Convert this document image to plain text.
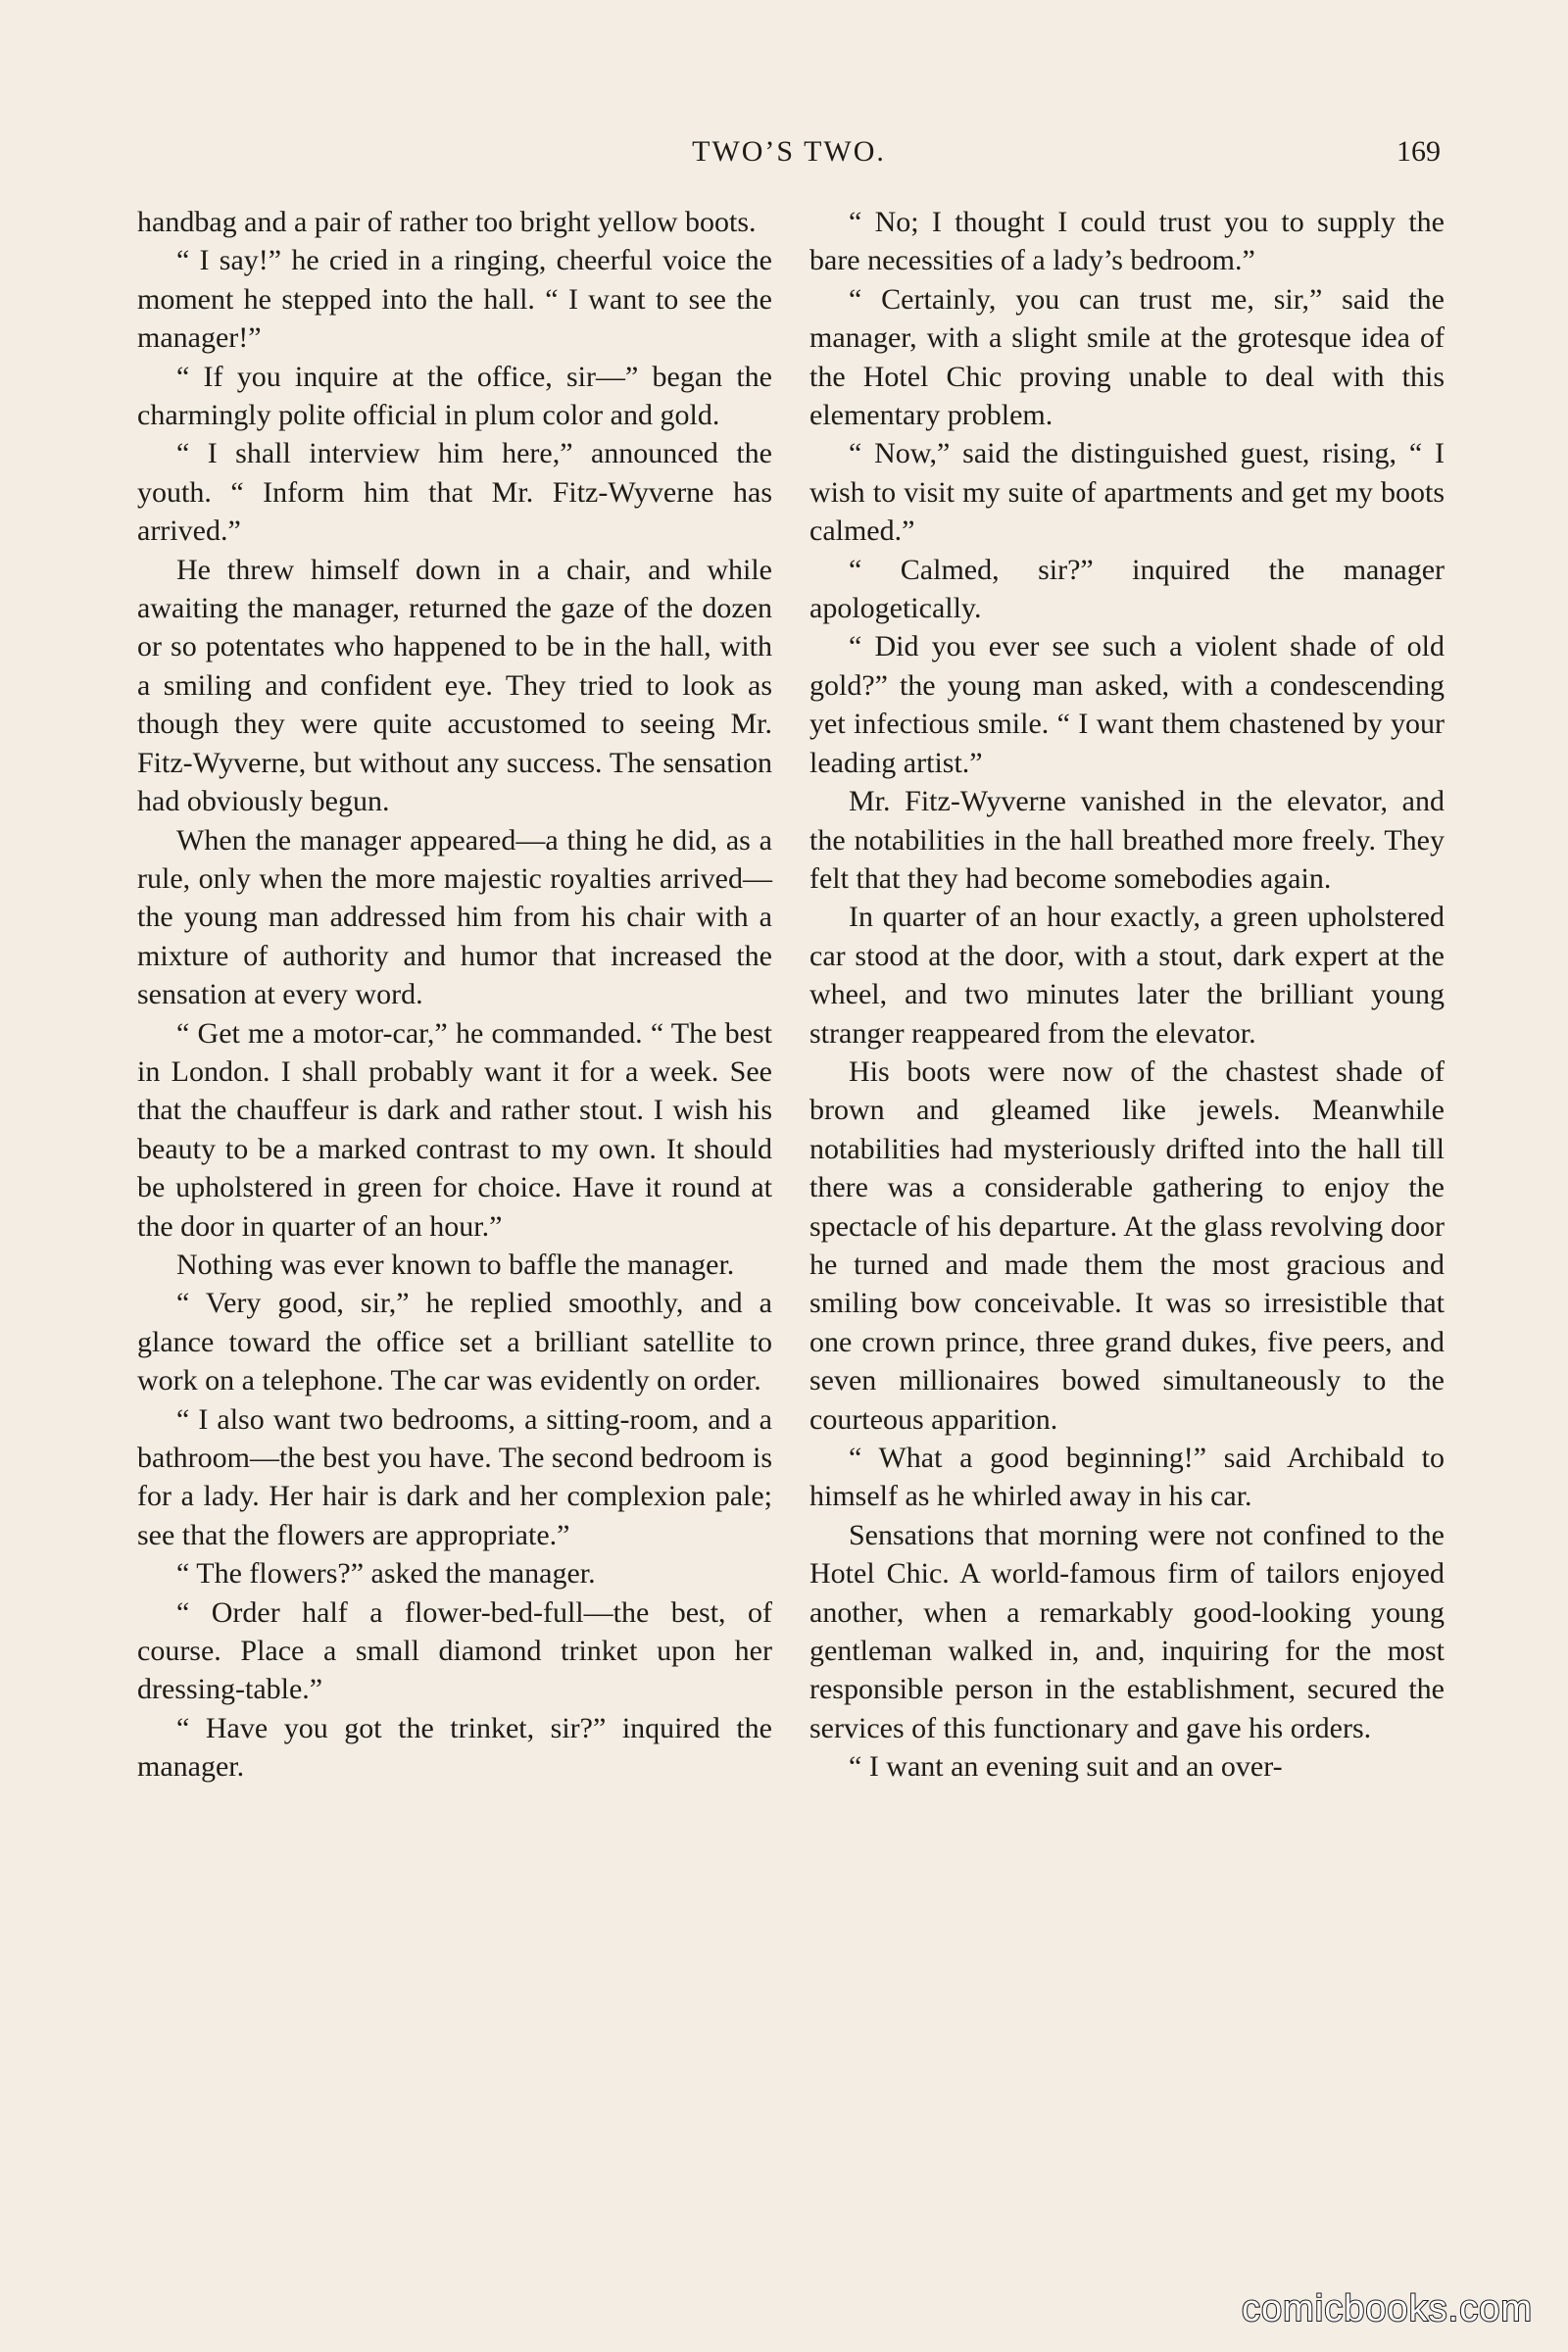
TWO’S TWO.	169

handbag and a pair of rather too bright yellow boots.

“ I say!” he cried in a ringing, cheerful voice the moment he stepped into the hall. “ I want to see the manager!”

“ If you inquire at the office, sir—” began the charmingly polite official in plum color and gold.

“ I shall interview him here,” announced the youth. “ Inform him that Mr. Fitz-Wyverne has arrived.”

He threw himself down in a chair, and while awaiting the manager, returned the gaze of the dozen or so potentates who happened to be in the hall, with a smiling and confident eye. They tried to look as though they were quite accustomed to seeing Mr. Fitz-Wyverne, but without any success. The sensation had obviously begun.

When the manager appeared—a thing he did, as a rule, only when the more majestic royalties arrived—the young man addressed him from his chair with a mixture of authority and humor that increased the sensation at every word.

“ Get me a motor-car,” he commanded. “ The best in London. I shall probably want it for a week. See that the chauffeur is dark and rather stout. I wish his beauty to be a marked contrast to my own. It should be upholstered in green for choice. Have it round at the door in quarter of an hour.”

Nothing was ever known to baffle the manager.

“ Very good, sir,” he replied smoothly, and a glance toward the office set a brilliant satellite to work on a telephone. The car was evidently on order.

“ I also want two bedrooms, a sitting-room, and a bathroom—the best you have. The second bedroom is for a lady. Her hair is dark and her complexion pale; see that the flowers are appropriate.”

“ The flowers?” asked the manager.

“ Order half a flower-bed-full—the best, of course. Place a small diamond trinket upon her dressing-table.”

“ Have you got the trinket, sir?” inquired the manager.

“ No; I thought I could trust you to supply the bare necessities of a lady’s bedroom.”

“ Certainly, you can trust me, sir,” said the manager, with a slight smile at the grotesque idea of the Hotel Chic proving unable to deal with this elementary problem.

“ Now,” said the distinguished guest, rising, “ I wish to visit my suite of apartments and get my boots calmed.”

“ Calmed, sir?” inquired the manager apologetically.

“ Did you ever see such a violent shade of old gold?” the young man asked, with a condescending yet infectious smile. “ I want them chastened by your leading artist.”

Mr. Fitz-Wyverne vanished in the elevator, and the notabilities in the hall breathed more freely. They felt that they had become somebodies again.

In quarter of an hour exactly, a green upholstered car stood at the door, with a stout, dark expert at the wheel, and two minutes later the brilliant young stranger reappeared from the elevator.

His boots were now of the chastest shade of brown and gleamed like jewels. Meanwhile notabilities had mysteriously drifted into the hall till there was a considerable gathering to enjoy the spectacle of his departure. At the glass revolving door he turned and made them the most gracious and smiling bow conceivable. It was so irresistible that one crown prince, three grand dukes, five peers, and seven millionaires bowed simultaneously to the courteous apparition.

“ What a good beginning!” said Archibald to himself as he whirled away in his car.

Sensations that morning were not confined to the Hotel Chic. A world-famous firm of tailors enjoyed another, when a remarkably good-looking young gentleman walked in, and, inquiring for the most responsible person in the establishment, secured the services of this functionary and gave his orders.

“ I want an evening suit and an over-

comicbooks.com
